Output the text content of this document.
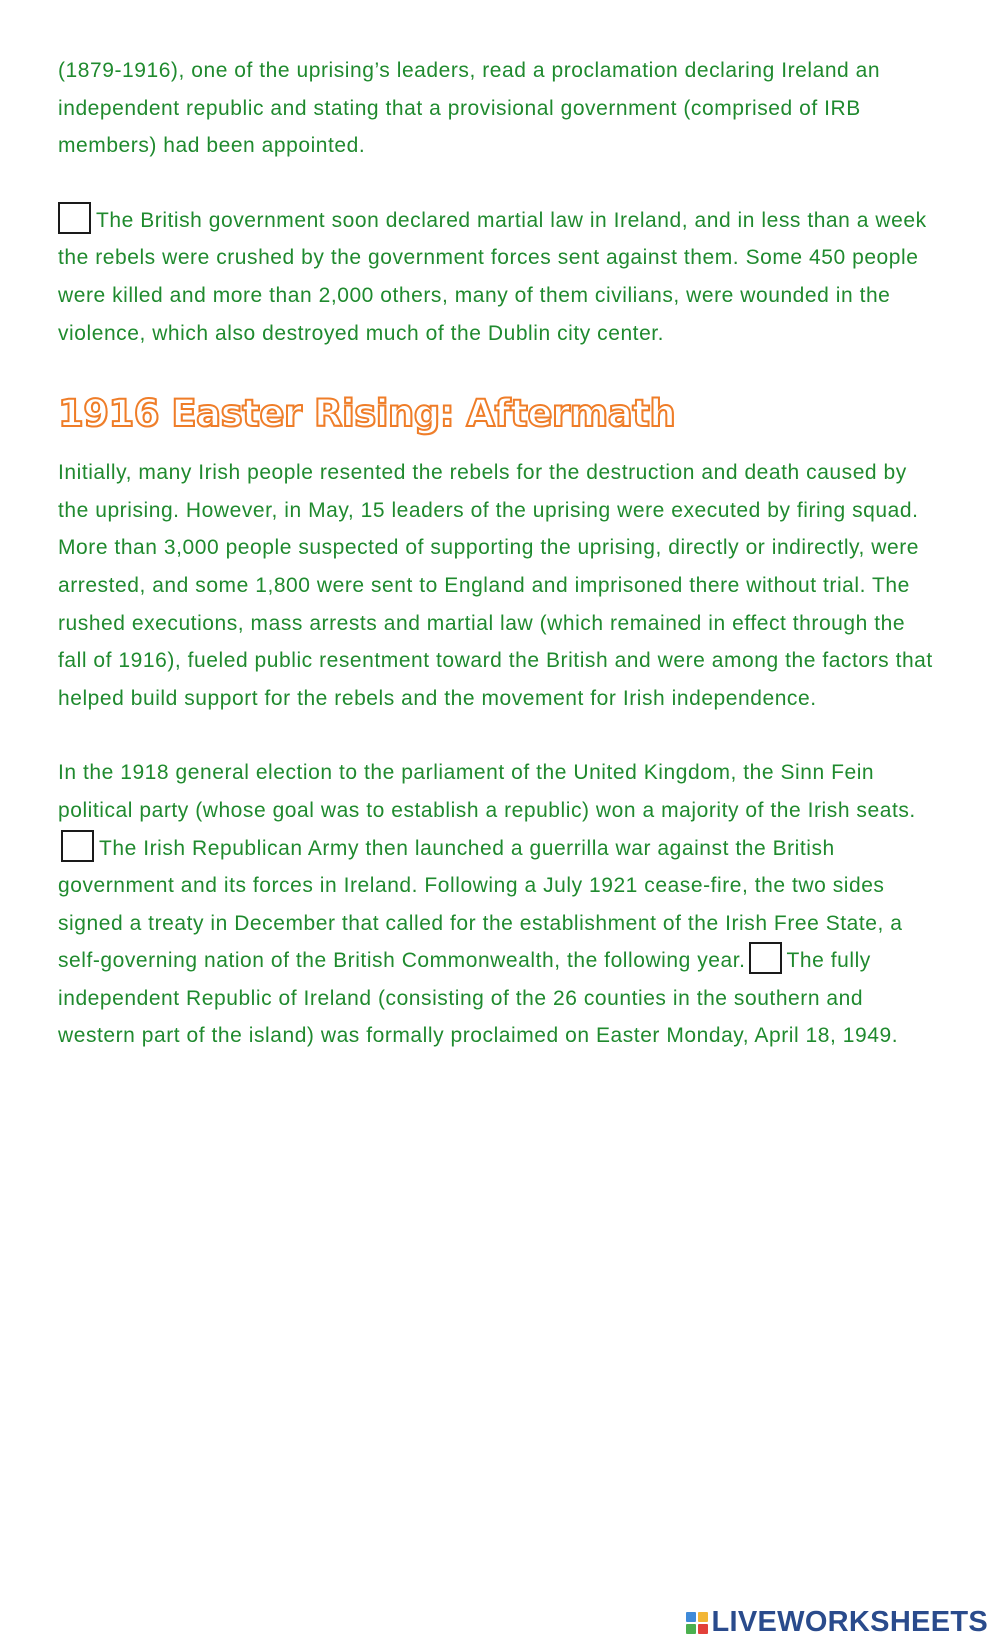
(1879-1916), one of the uprising’s leaders, read a proclamation declaring Ireland an independent republic and stating that a provisional government (comprised of IRB members) had been appointed.

The British government soon declared martial law in Ireland, and in less than a week the rebels were crushed by the government forces sent against them. Some 450 people were killed and more than 2,000 others, many of them civilians, were wounded in the violence, which also destroyed much of the Dublin city center.

1916 Easter Rising: Aftermath

Initially, many Irish people resented the rebels for the destruction and death caused by the uprising. However, in May, 15 leaders of the uprising were executed by firing squad. More than 3,000 people suspected of supporting the uprising, directly or indirectly, were arrested, and some 1,800 were sent to England and imprisoned there without trial. The rushed executions, mass arrests and martial law (which remained in effect through the fall of 1916), fueled public resentment toward the British and were among the factors that helped build support for the rebels and the movement for Irish independence.

In the 1918 general election to the parliament of the United Kingdom, the Sinn Fein political party (whose goal was to establish a republic) won a majority of the Irish seats.The Irish Republican Army then launched a guerrilla war against the British government and its forces in Ireland. Following a July 1921 cease-fire, the two sides signed a treaty in December that called for the establishment of the Irish Free State, a self-governing nation of the British Commonwealth, the following year. The fully independent Republic of Ireland (consisting of the 26 counties in the southern and western part of the island) was formally proclaimed on Easter Monday, April 18, 1949.

LIVEWORKSHEETS
